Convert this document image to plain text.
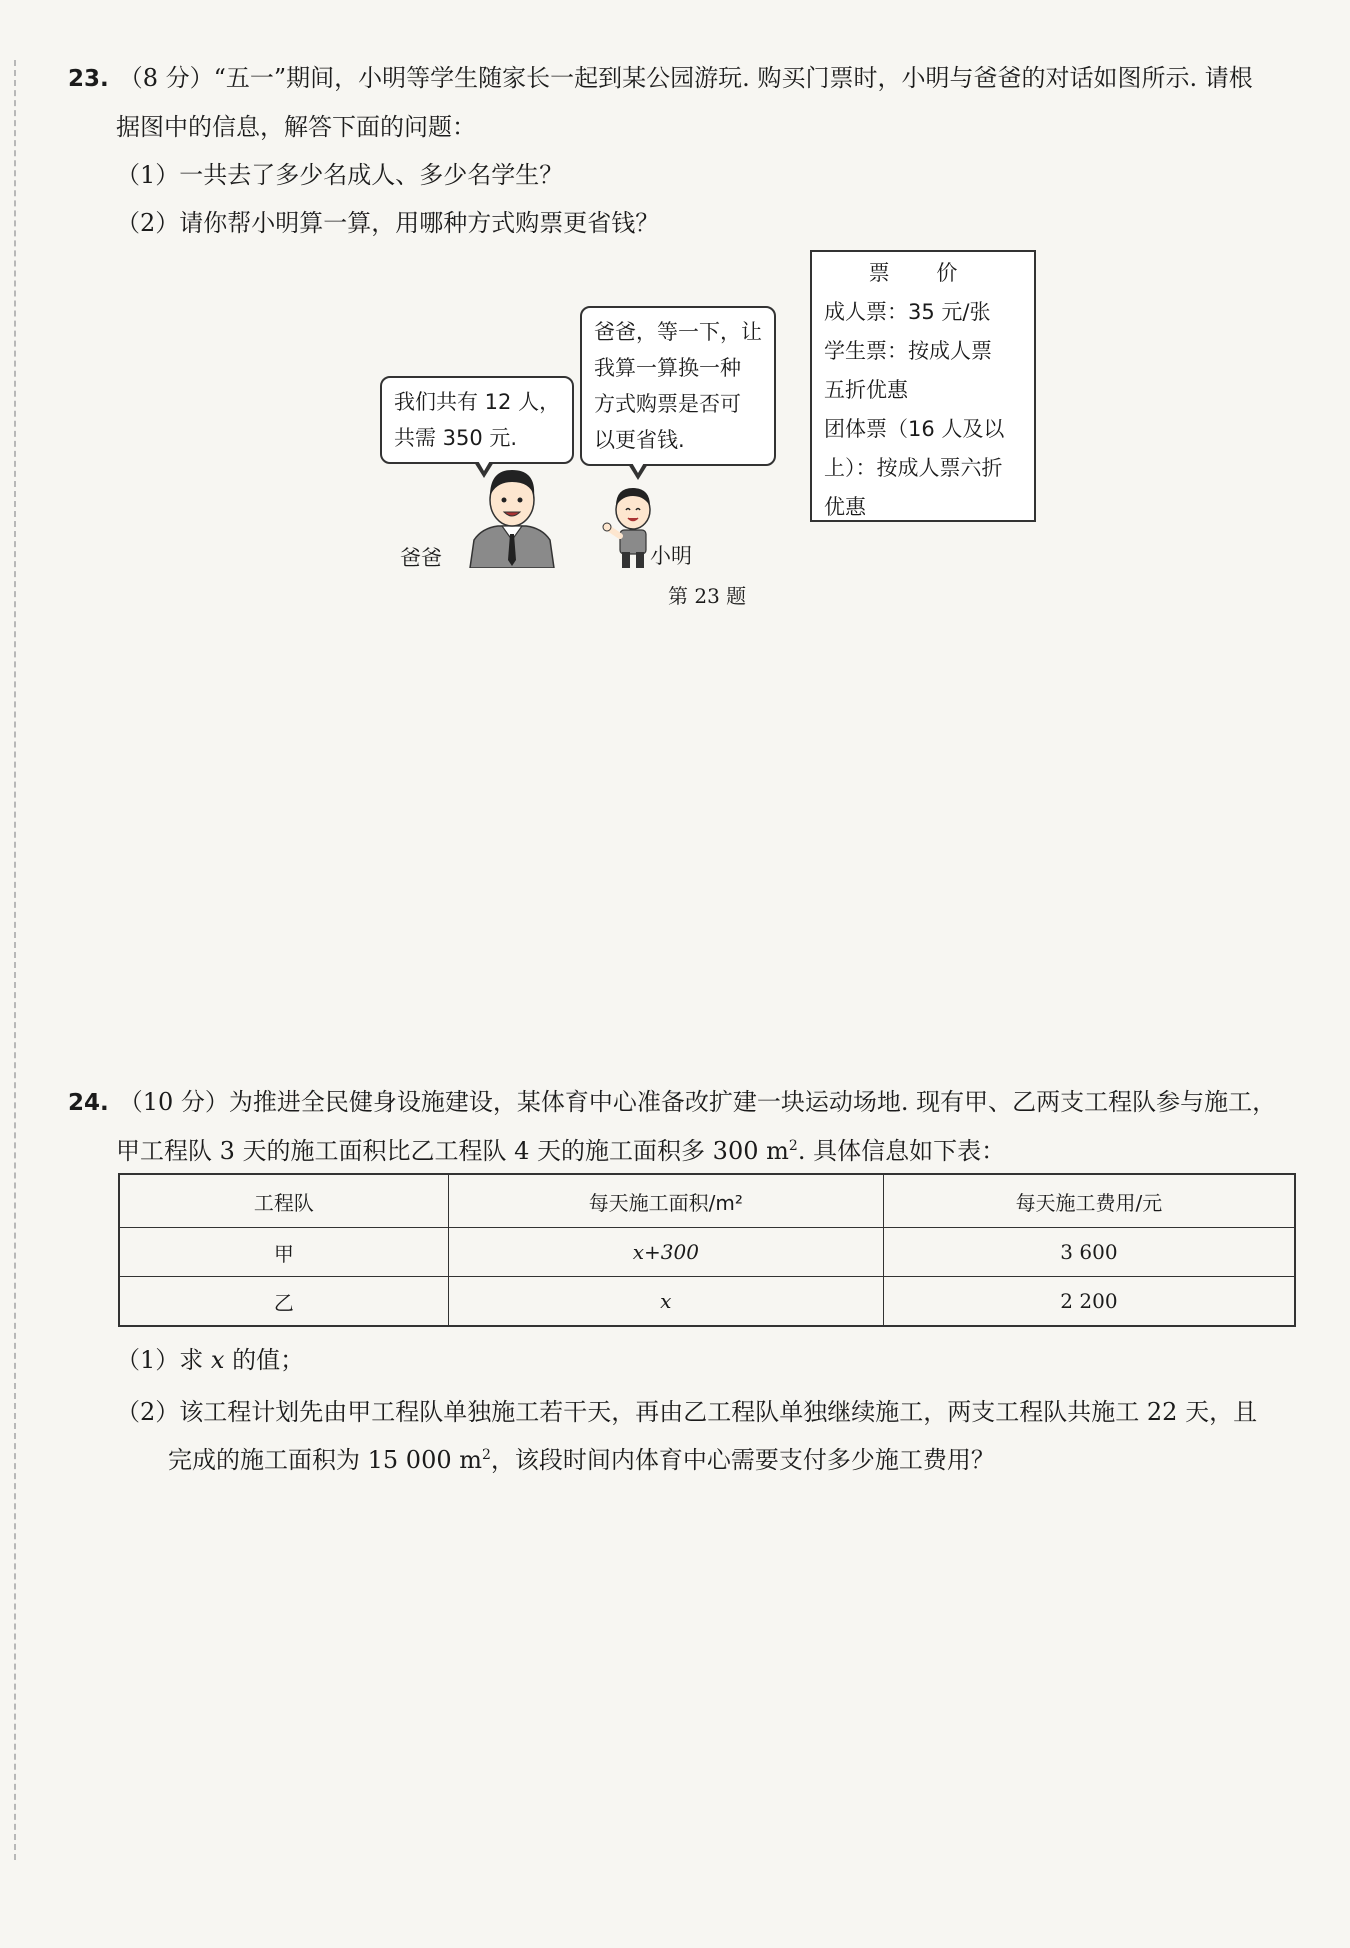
23. （8 分）“五一”期间，小明等学生随家长一起到某公园游玩. 购买门票时，小明与爸爸的对话如图所示. 请根
据图中的信息，解答下面的问题：
（1）一共去了多少名成人、多少名学生？
（2）请你帮小明算一算，用哪种方式购票更省钱？
我们共有 12 人，
共需 350 元.
爸爸，等一下，让
我算一算换一种
方式购票是否可
以更省钱.
爸爸	小明
票 价
成人票：35 元/张
学生票：按成人票
五折优惠
团体票（16 人及以
上）：按成人票六折
优惠
第 23 题
24. （10 分）为推进全民健身设施建设，某体育中心准备改扩建一块运动场地. 现有甲、乙两支工程队参与施工，
甲工程队 3 天的施工面积比乙工程队 4 天的施工面积多 300 $m^2$. 具体信息如下表：
工程队	每天施工面积/m²	每天施工费用/元
甲	x+300	3 600
乙	x	2 200
（1）求 x 的值；
（2）该工程计划先由甲工程队单独施工若干天，再由乙工程队单独继续施工，两支工程队共施工 22 天，且
完成的施工面积为 15 000 $m^2$，该段时间内体育中心需要支付多少施工费用？
